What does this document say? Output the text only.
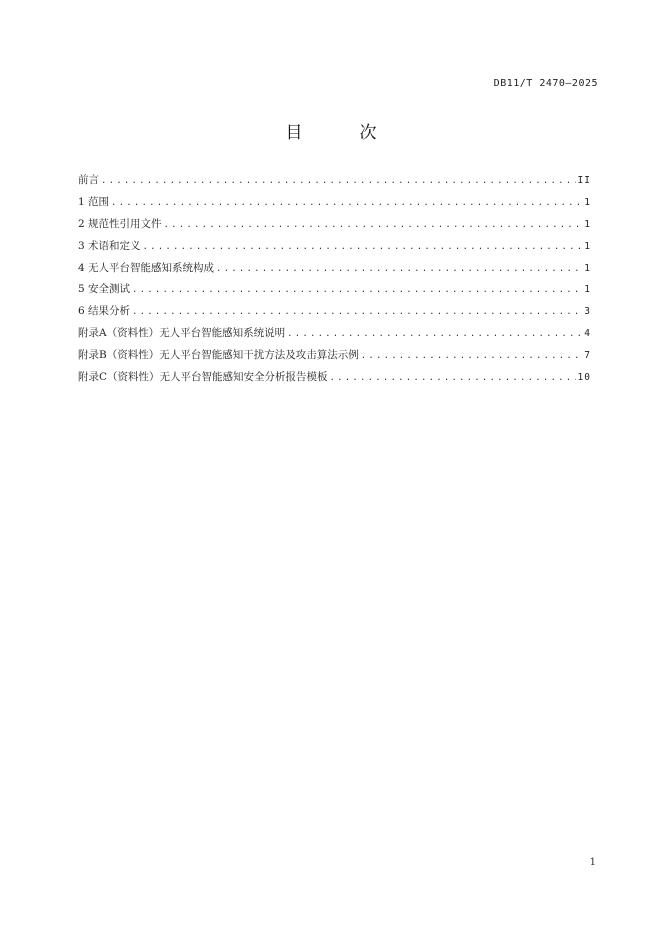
DB11/T 2470—2025
目　次
前言 .....	II
1 范围 .....	1
2 规范性引用文件 .....	1
3 术语和定义 .....	1
4 无人平台智能感知系统构成 .....	1
5 安全测试 .....	1
6 结果分析 .....	3
附录A（资料性）无人平台智能感知系统说明 .....	4
附录B（资料性）无人平台智能感知干扰方法及攻击算法示例 .....	7
附录C（资料性）无人平台智能感知安全分析报告模板 .....	10
1
